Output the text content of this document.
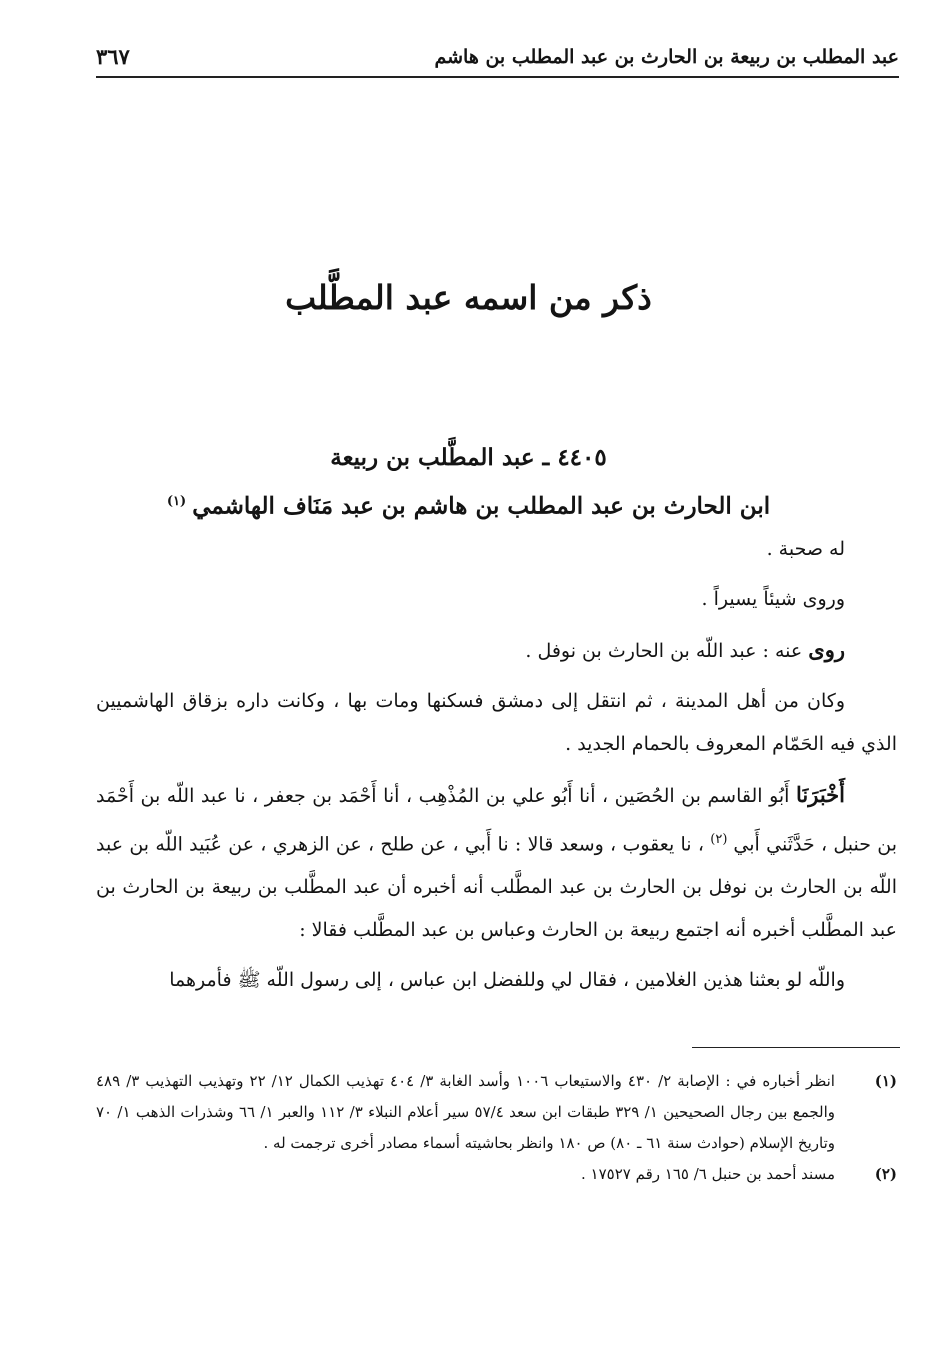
عبد المطلب بن ربيعة بن الحارث بن عبد المطلب بن هاشم
٣٦٧
ذكر من اسمه عبد المطَّلب
٤٤٠٥ ـ عبد المطَّلب بن ربيعة
ابن الحارث بن عبد المطلب بن هاشم بن عبد مَنَاف الهاشمي$^{(١)}$

له صحبة .

وروى شيئاً يسيراً .

روى عنه : عبد اللّه بن الحارث بن نوفل .

وكان من أهل المدينة ، ثم انتقل إلى دمشق فسكنها ومات بها ، وكانت داره بزقاق الهاشميين الذي فيه الحَمّام المعروف بالحمام الجديد .

أَخْبَرَنَا أَبُو القاسم بن الحُصَين ، أنا أَبُو علي بن المُذْهِب ، أنا أَحْمَد بن جعفر ، نا عبد اللّه بن أَحْمَد بن حنبل ، حَدَّثَني أَبي$^{(٢)}$ ، نا يعقوب ، وسعد قالا : نا أَبي ، عن طلح ، عن الزهري ، عن عُبَيد اللّه بن عبد اللّه بن الحارث بن نوفل بن الحارث بن عبد المطَّلب أنه أخبره أن عبد المطَّلب بن ربيعة بن الحارث بن عبد المطَّلب أخبره أنه اجتمع ربيعة بن الحارث وعباس بن عبد المطَّلب فقالا :

واللّه لو بعثنا هذين الغلامين ، فقال لي وللفضل ابن عباس ، إلى رسول اللّه ﷺ فأمرهما

(١)
انظر أخباره في : الإصابة ٢/ ٤٣٠ والاستيعاب ١٠٠٦ وأسد الغابة ٣/ ٤٠٤ تهذيب الكمال ١٢/ ٢٢ وتهذيب التهذيب ٣/ ٤٨٩ والجمع بين رجال الصحيحين ١/ ٣٢٩ طبقات ابن سعد ٥٧/٤ سير أعلام النبلاء ٣/ ١١٢ والعبر ١/ ٦٦ وشذرات الذهب ١/ ٧٠ وتاريخ الإسلام (حوادث سنة ٦١ ـ ٨٠) ص ١٨٠ وانظر بحاشيته أسماء مصادر أخرى ترجمت له .
(٢)
مسند أحمد بن حنبل ٦/ ١٦٥ رقم ١٧٥٢٧ .
